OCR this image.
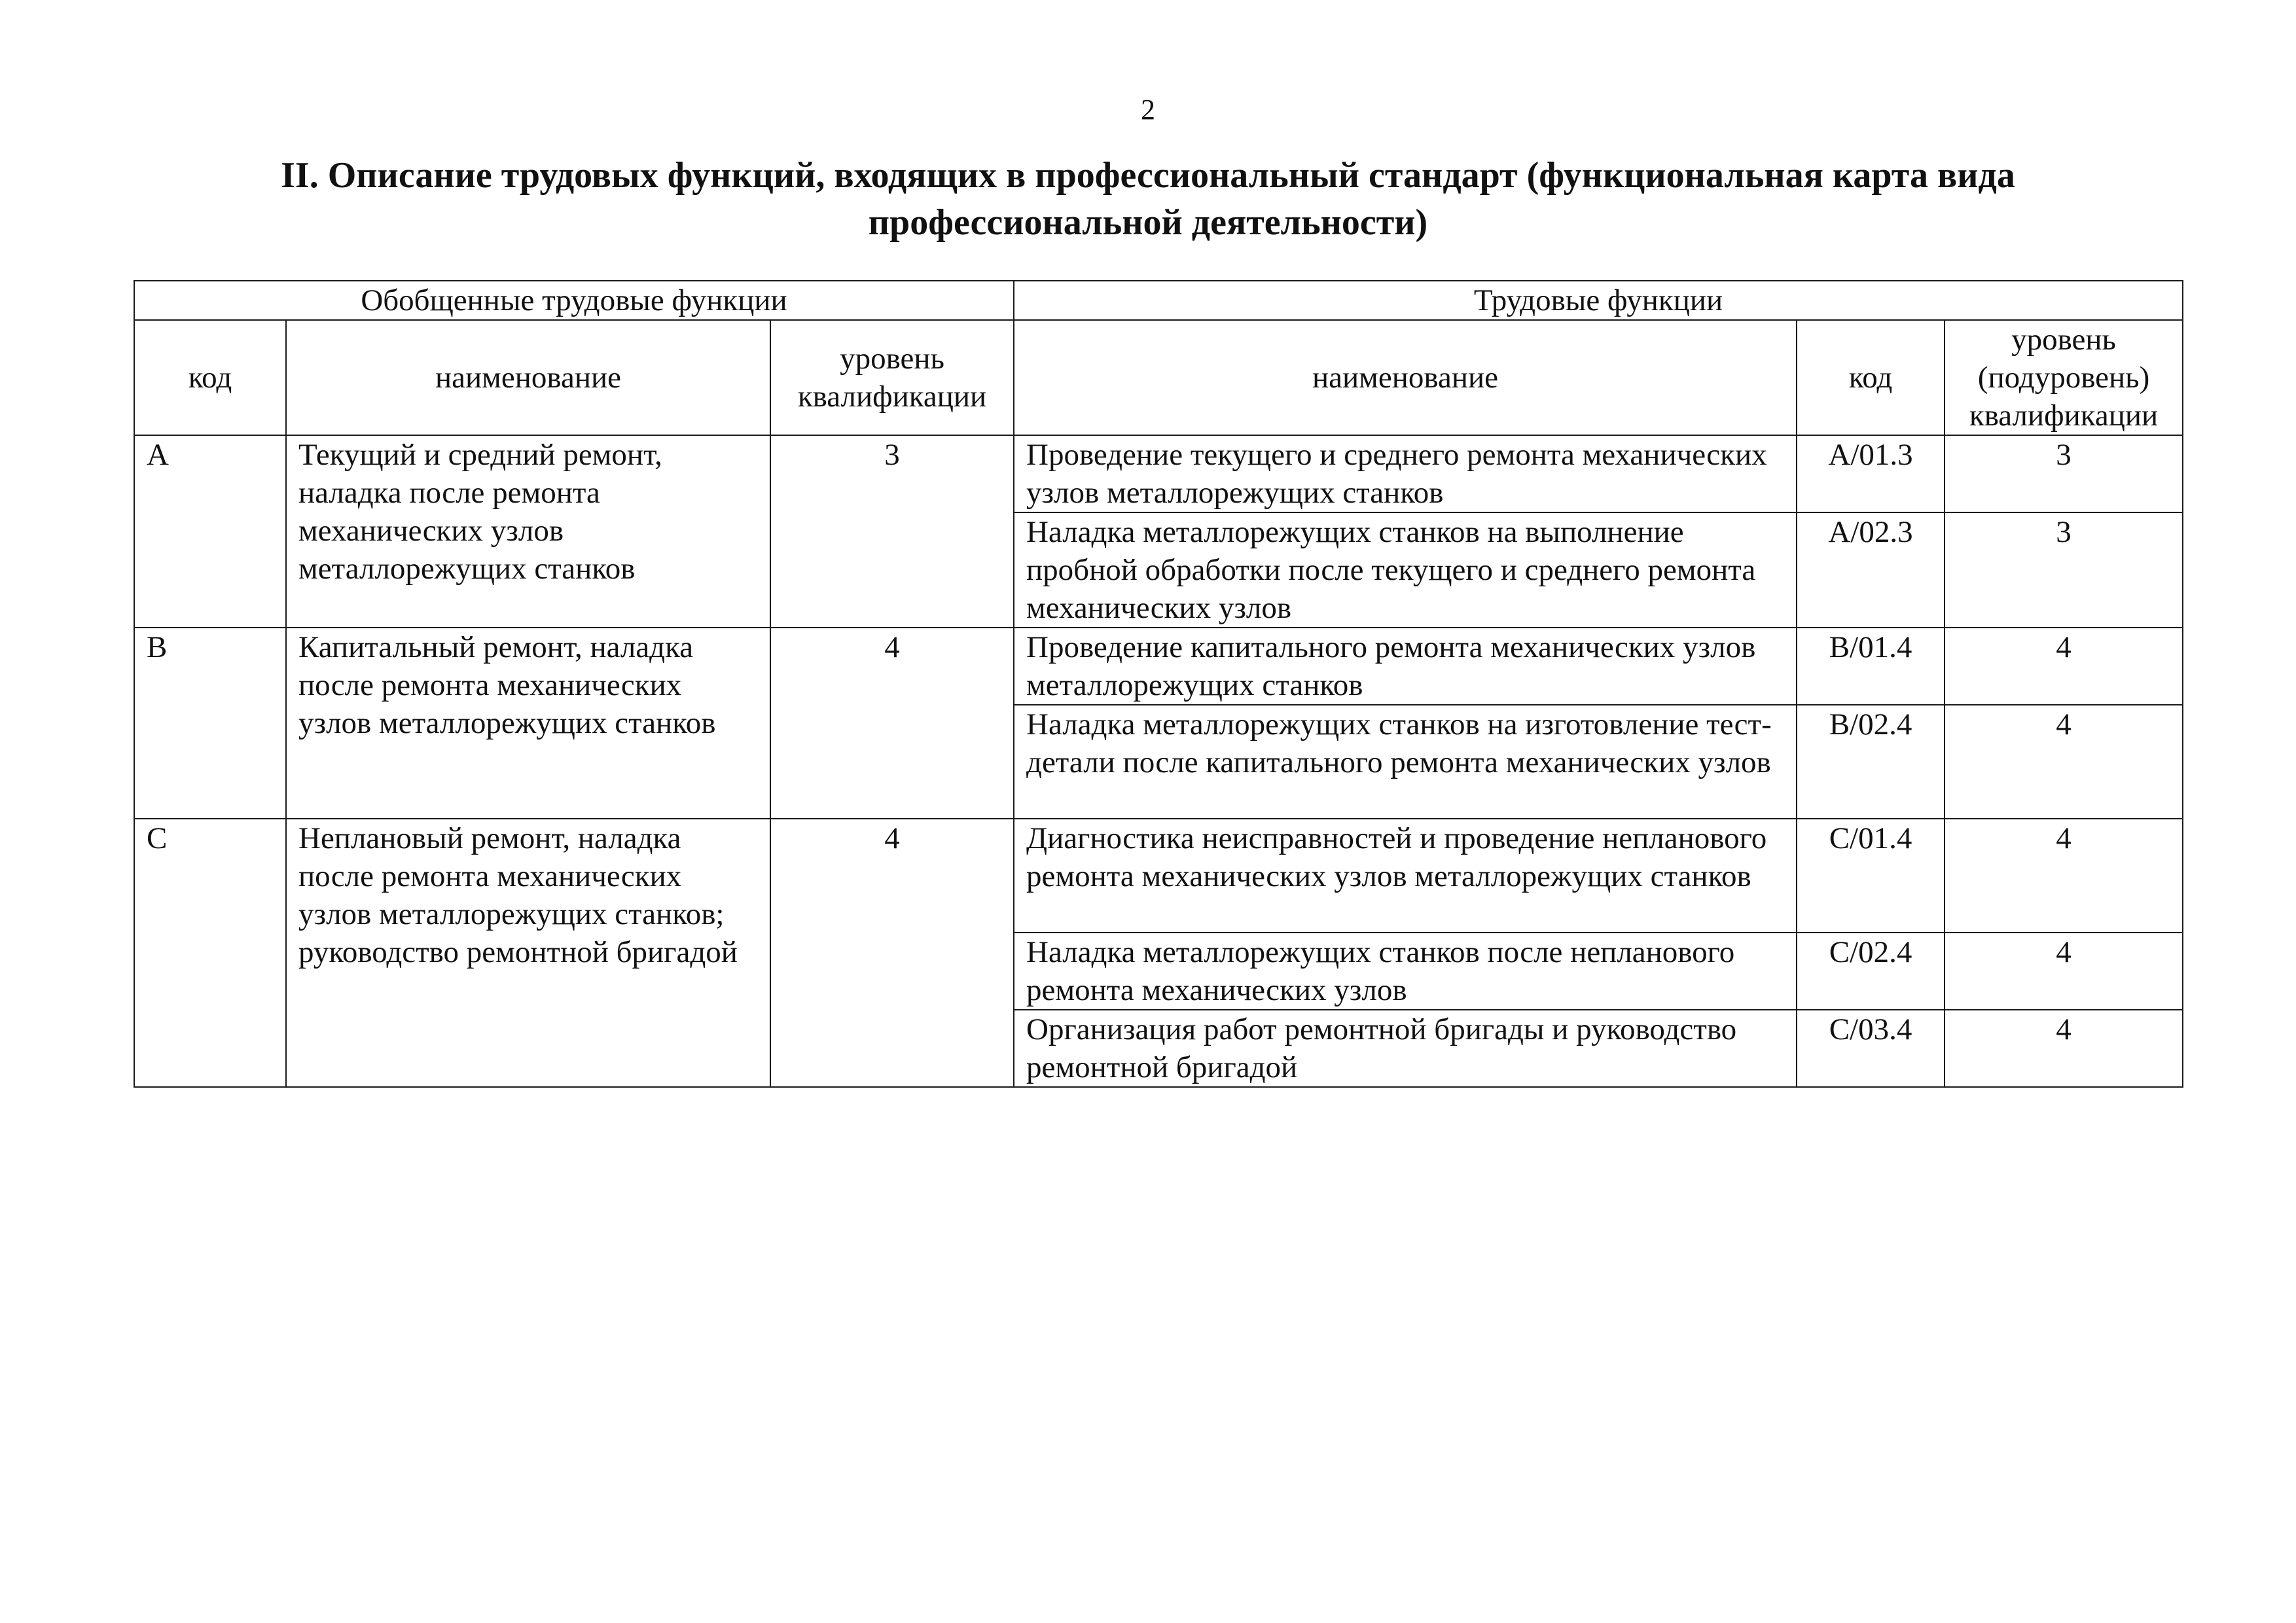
2
II. Описание трудовых функций, входящих в профессиональный стандарт (функциональная карта вида профессиональной деятельности)
Обобщенные трудовые функции			Трудовые функции		
код	наименование	уровень квалификации	наименование	код	уровень (подуровень) квалификации
A	Текущий и средний ремонт, наладка после ремонта механических узлов металлорежущих станков	3	Проведение текущего и среднего ремонта механических узлов металлорежущих станков	A/01.3	3
			Наладка металлорежущих станков на выполнение пробной обработки после текущего и среднего ремонта механических узлов	A/02.3	3
B	Капитальный ремонт, наладка после ремонта механических узлов металлорежущих станков	4	Проведение капитального ремонта механических узлов металлорежущих станков	B/01.4	4
			Наладка металлорежущих станков на изготовление тест-детали после капитального ремонта механических узлов	B/02.4	4
C	Неплановый ремонт, наладка после ремонта механических узлов металлорежущих станков; руководство ремонтной бригадой	4	Диагностика неисправностей и проведение непланового ремонта механических узлов металлорежущих станков	C/01.4	4
			Наладка металлорежущих станков после непланового ремонта механических узлов	C/02.4	4
			Организация работ ремонтной бригады и руководство ремонтной бригадой	C/03.4	4
